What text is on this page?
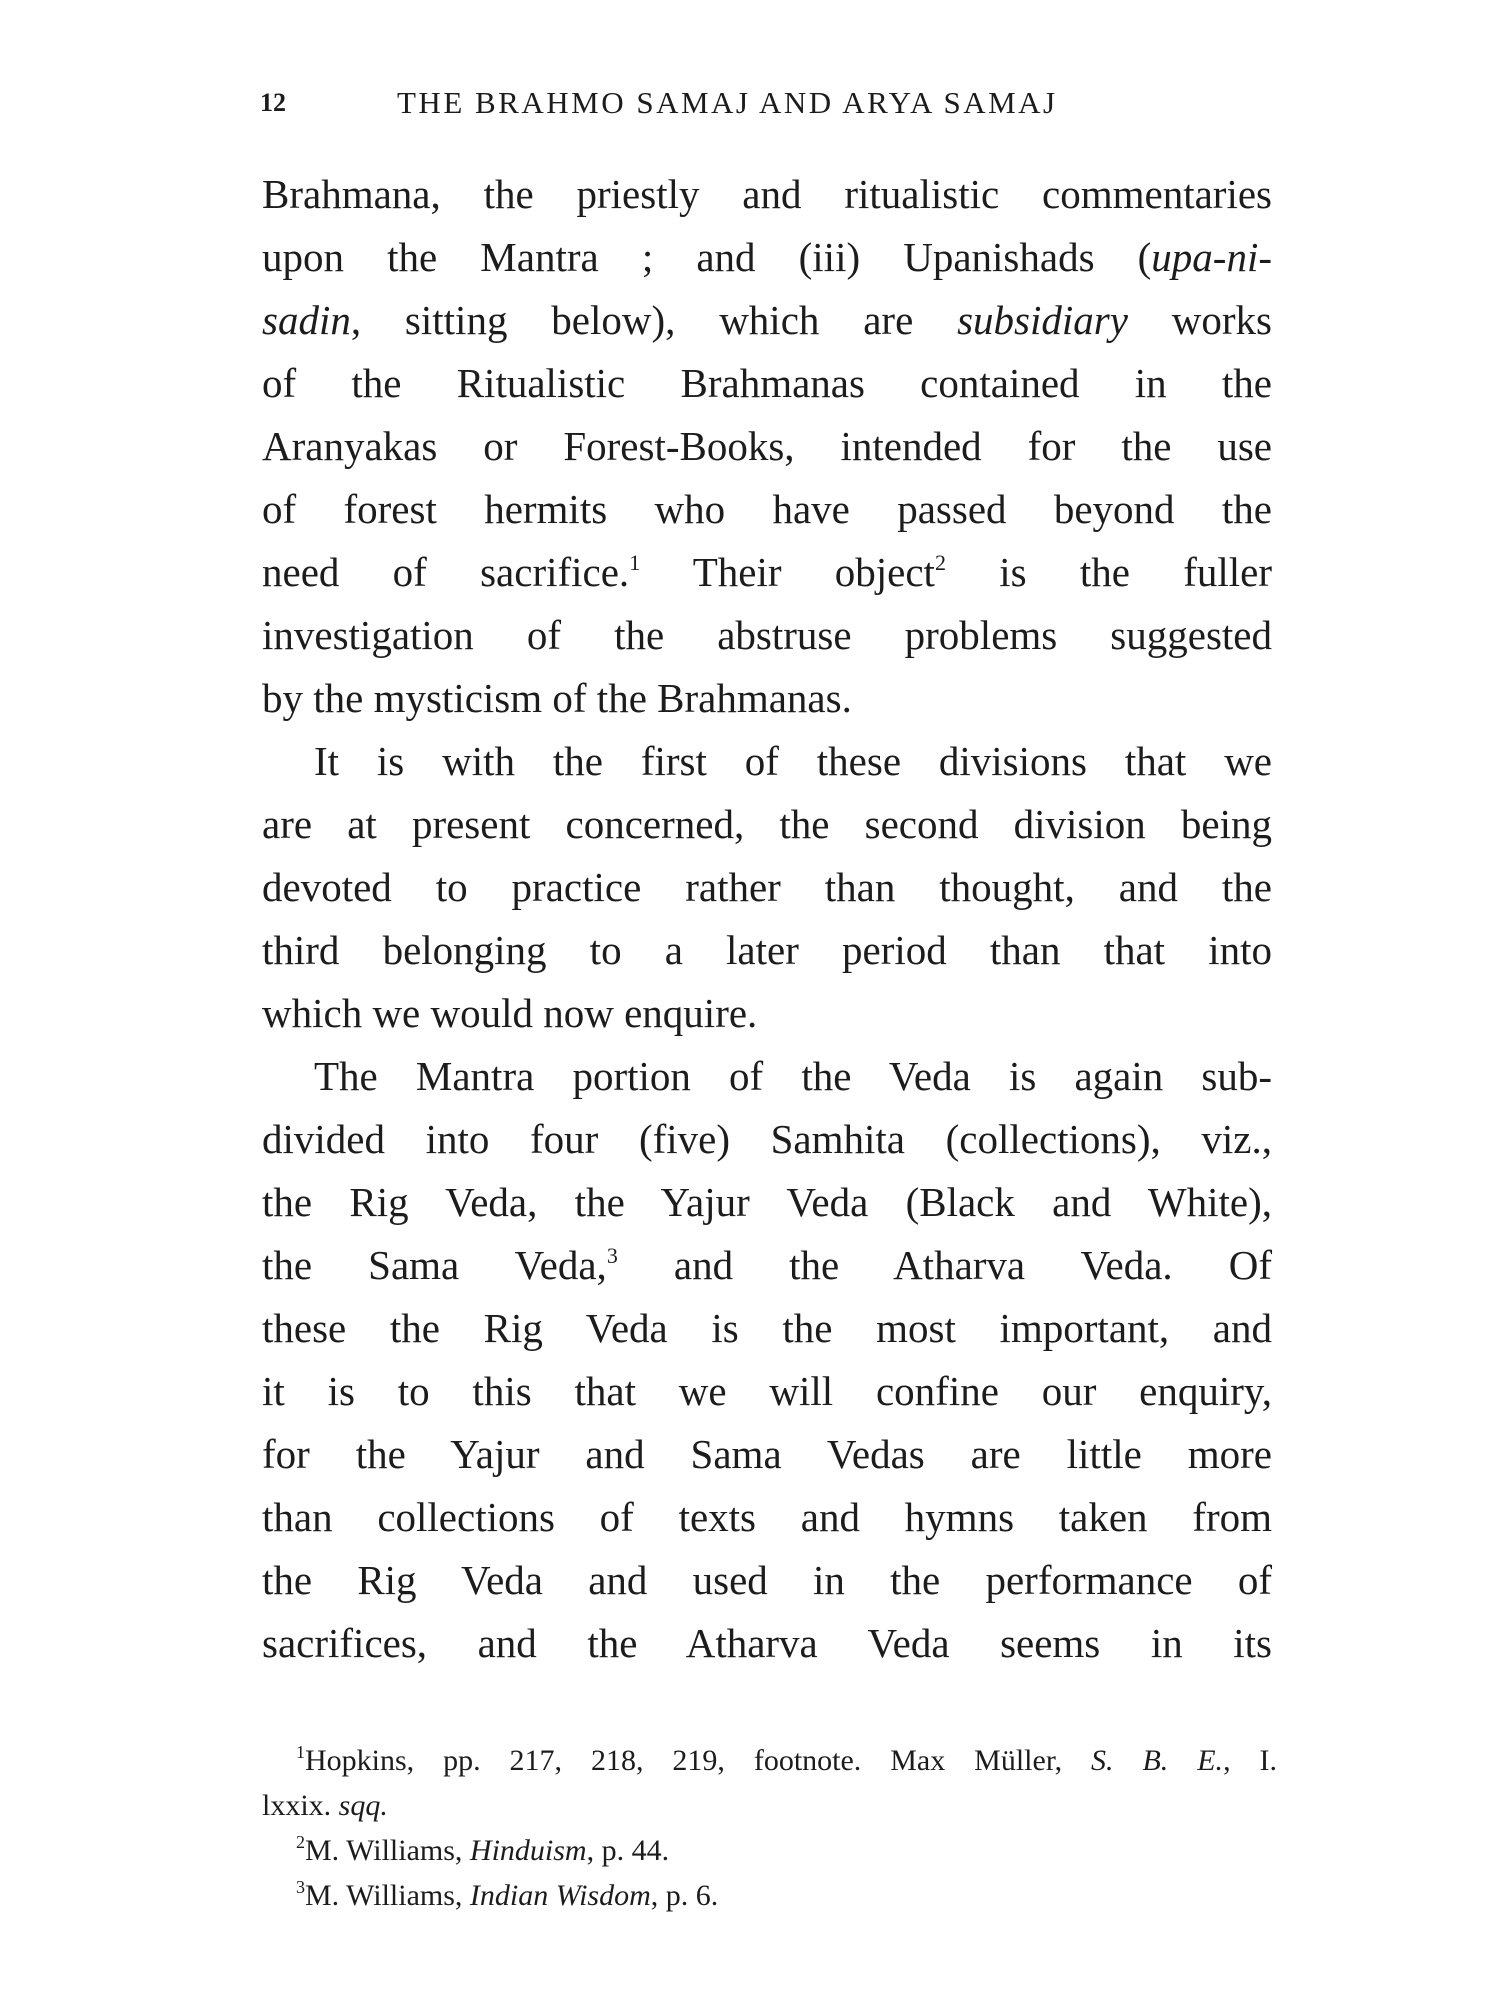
12	THE BRAHMO SAMAJ AND ARYA SAMAJ
Brahmana, the priestly and ritualistic commentaries
upon the Mantra ; and (iii) Upanishads (upa-ni-
sadin, sitting below), which are subsidiary works
of the Ritualistic Brahmanas contained in the
Aranyakas or Forest-Books, intended for the use
of forest hermits who have passed beyond the
need of sacrifice.$^1$ Their object$^2$ is the fuller
investigation of the abstruse problems suggested
by the mysticism of the Brahmanas.
It is with the first of these divisions that we
are at present concerned, the second division being
devoted to practice rather than thought, and the
third belonging to a later period than that into
which we would now enquire.
The Mantra portion of the Veda is again sub-
divided into four (five) Samhita (collections), viz.,
the Rig Veda, the Yajur Veda (Black and White),
the Sama Veda,$^3$ and the Atharva Veda. Of
these the Rig Veda is the most important, and
it is to this that we will confine our enquiry,
for the Yajur and Sama Vedas are little more
than collections of texts and hymns taken from
the Rig Veda and used in the performance of
sacrifices, and the Atharva Veda seems in its
$^1$Hopkins, pp. 217, 218, 219, footnote. Max Müller, S. B. E., I.
lxxix. sqq.
$^2$M. Williams, Hinduism, p. 44.
$^3$M. Williams, Indian Wisdom, p. 6.
